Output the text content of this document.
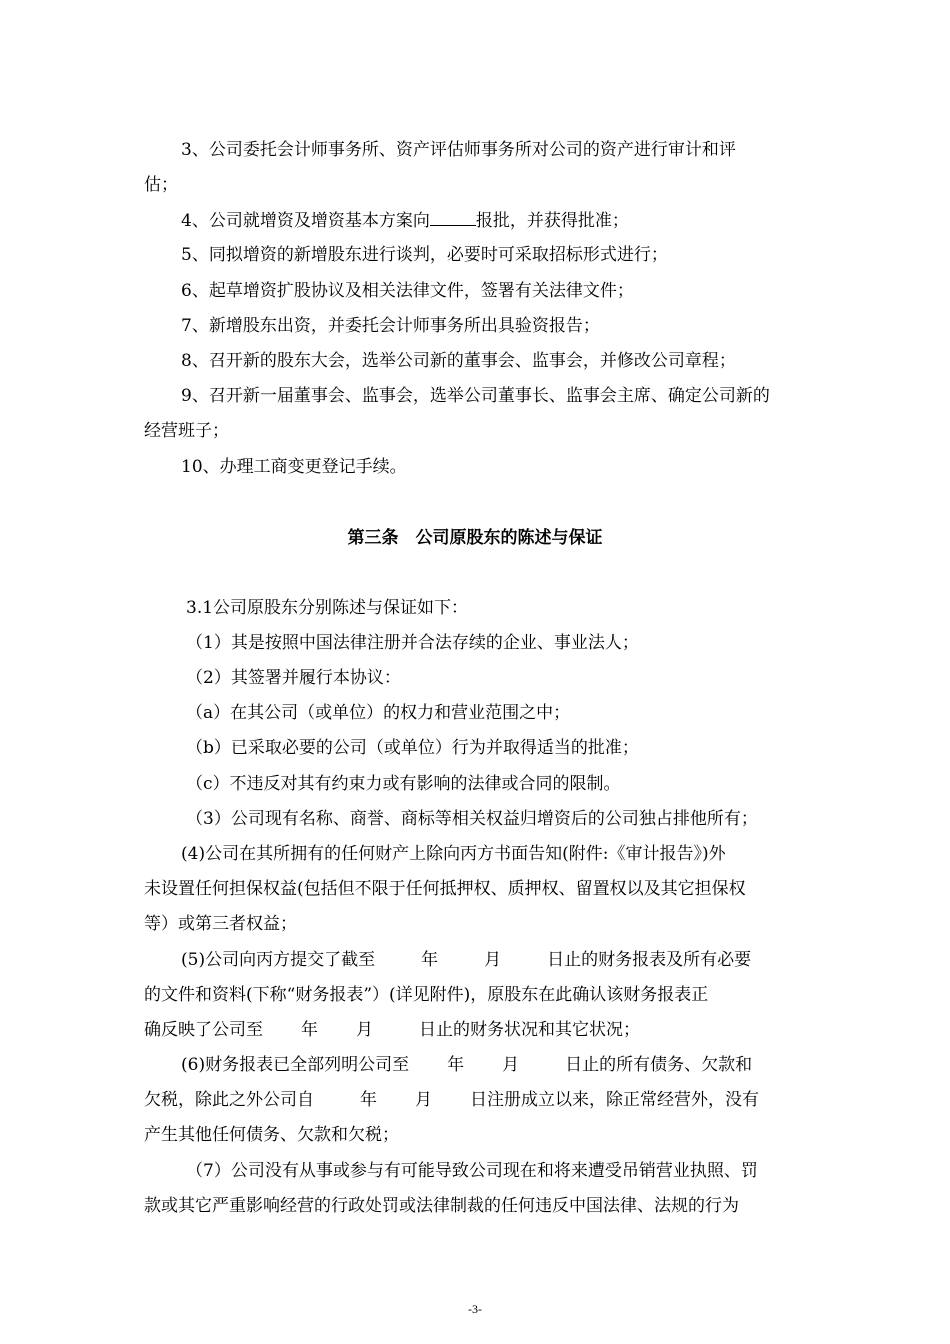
3、公司委托会计师事务所、资产评估师事务所对公司的资产进行审计和评
估；
4、公司就增资及增资基本方案向	报批，并获得批准；
5、同拟增资的新增股东进行谈判，必要时可采取招标形式进行；
6、起草增资扩股协议及相关法律文件，签署有关法律文件；
7、新增股东出资，并委托会计师事务所出具验资报告；
8、召开新的股东大会，选举公司新的董事会、监事会，并修改公司章程；
9、召开新一届董事会、监事会，选举公司董事长、监事会主席、确定公司新的
经营班子；
10、办理工商变更登记手续。
第三条　公司原股东的陈述与保证
3.1公司原股东分别陈述与保证如下：
（1）其是按照中国法律注册并合法存续的企业、事业法人；
（2）其签署并履行本协议：
（a）在其公司（或单位）的权力和营业范围之中；
（b）已采取必要的公司（或单位）行为并取得适当的批准；
（c）不违反对其有约束力或有影响的法律或合同的限制。
（3）公司现有名称、商誉、商标等相关权益归增资后的公司独占排他所有；
(4)公司在其所拥有的任何财产上除向丙方书面告知(附件:《审计报告》)外
未设置任何担保权益(包括但不限于任何抵押权、质押权、留置权以及其它担保权
等）或第三者权益；
(5)公司向丙方提交了截至	年	月	日止的财务报表及所有必要
的文件和资料(下称“财务报表”）(详见附件)，原股东在此确认该财务报表正
确反映了公司至 年 月	日止的财务状况和其它状况；
(6)财务报表已全部列明公司至 年 月	日止的所有债务、欠款和
欠税，除此之外公司自	年 月 日注册成立以来，除正常经营外，没有
产生其他任何债务、欠款和欠税；
（7）公司没有从事或参与有可能导致公司现在和将来遭受吊销营业执照、罚
款或其它严重影响经营的行政处罚或法律制裁的任何违反中国法律、法规的行为
-3-
